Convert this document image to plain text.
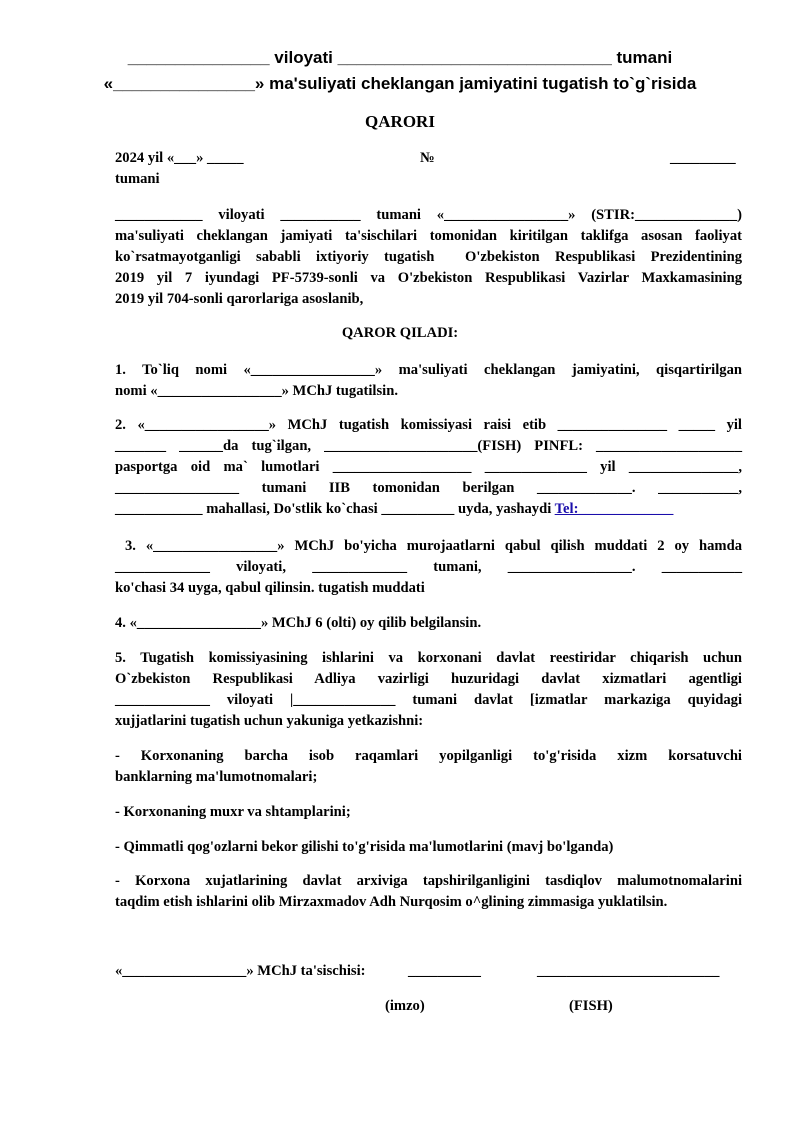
_______________ viloyati _____________________________ tumani
«_______________» ma'suliyati cheklangan jamiyatini tugatish to`g`risida
QARORI
2024 yil «___» _____	№	_________
tumani
____________ viloyati ___________ tumani «_________________» (STIR:______________)
ma'suliyati cheklangan jamiyati ta'sischilari tomonidan kiritilgan taklifga asosan faoliyat
ko`rsatmayotganligi sababli ixtiyoriy tugatish  O'zbekiston Respublikasi Prezidentining
2019 yil 7 iyundagi PF-5739-sonli va O'zbekiston Respublikasi Vazirlar Maxkamasining
2019 yil 704-sonli qarorlariga asoslanib,
QAROR QILADI:
1. To`liq nomi «_________________» ma'suliyati cheklangan jamiyatini, qisqartirilgan
nomi «_________________» MChJ tugatilsin.
2. «_________________» MChJ tugatish komissiyasi raisi etib _______________ _____ yil
_______ ______da tug`ilgan, _____________________(FISH) PINFL: ____________________
pasportga oid ma` lumotlari ___________________ ______________ yil _______________,
_________________ tumani IIB tomonidan berilgan _____________. ___________,
____________ mahallasi, Do'stlik ko`chasi __________ uyda, yashaydi Tel:_____________
3. «_________________» MChJ bo'yicha murojaatlarni qabul qilish muddati 2 oy hamda
_____________ viloyati, _____________ tumani, _________________. ___________
ko'chasi 34 uyga, qabul qilinsin. tugatish muddati
4. «_________________» MChJ 6 (olti) oy qilib belgilansin.
5. Tugatish komissiyasining ishlarini va korxonani davlat reestiridar chiqarish uchun
O`zbekiston Respublikasi Adliya vazirligi huzuridagi davlat xizmatlari agentligi
_____________ viloyati |______________ tumani davlat [izmatlar markaziga quyidagi
xujjatlarini tugatish uchun yakuniga yetkazishni:
- Korxonaning barcha isob raqamlari yopilganligi to'g'risida xizm korsatuvchi
banklarning ma'lumotnomalari;
- Korxonaning muxr va shtamplarini;
- Qimmatli qog'ozlarni bekor gilishi to'g'risida ma'lumotlarini (mavj bo'lganda)
- Korxona xujatlarining davlat arxiviga tapshirilganligini tasdiqlov malumotnomalarini
taqdim etish ishlarini olib Mirzaxmadov Adh Nurqosim o^glining zimmasiga yuklatilsin.
«_________________» MChJ ta'sischisi:	__________	_________________________
(imzo)	(FISH)
